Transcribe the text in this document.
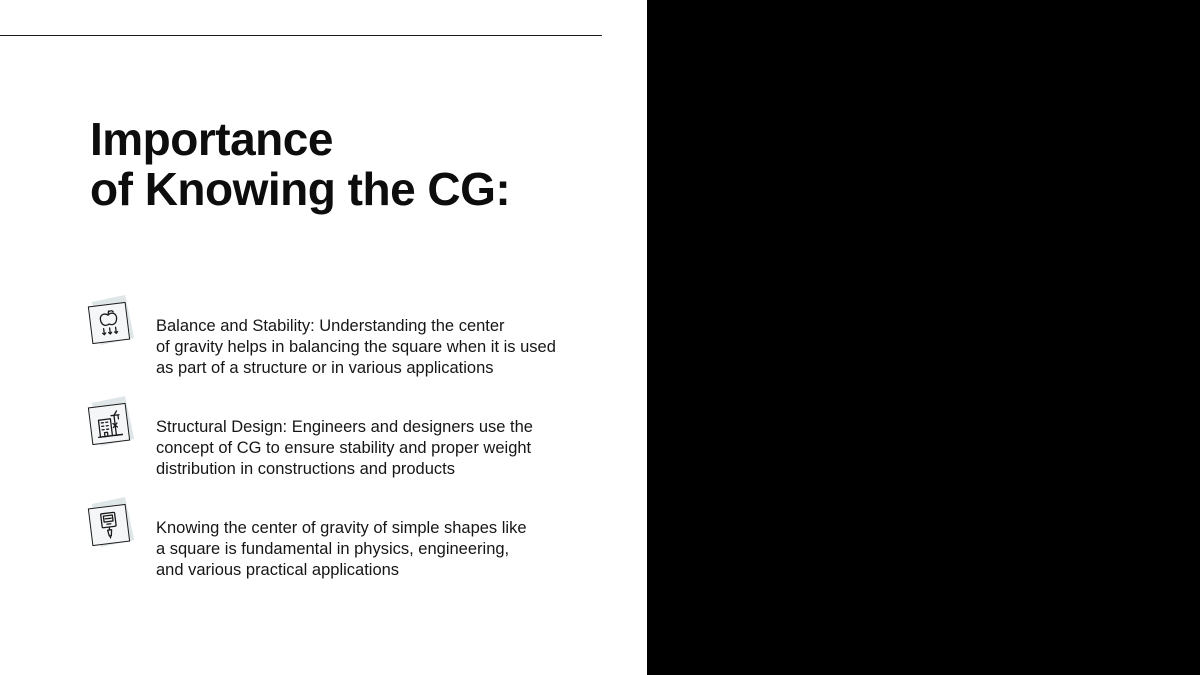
Importance
of Knowing the CG:

Balance and Stability: Understanding the center
of gravity helps in balancing the square when it is used
as part of a structure or in various applications

Structural Design: Engineers and designers use the
concept of CG to ensure stability and proper weight
distribution in constructions and products

Knowing the center of gravity of simple shapes like
a square is fundamental in physics, engineering,
and various practical applications
